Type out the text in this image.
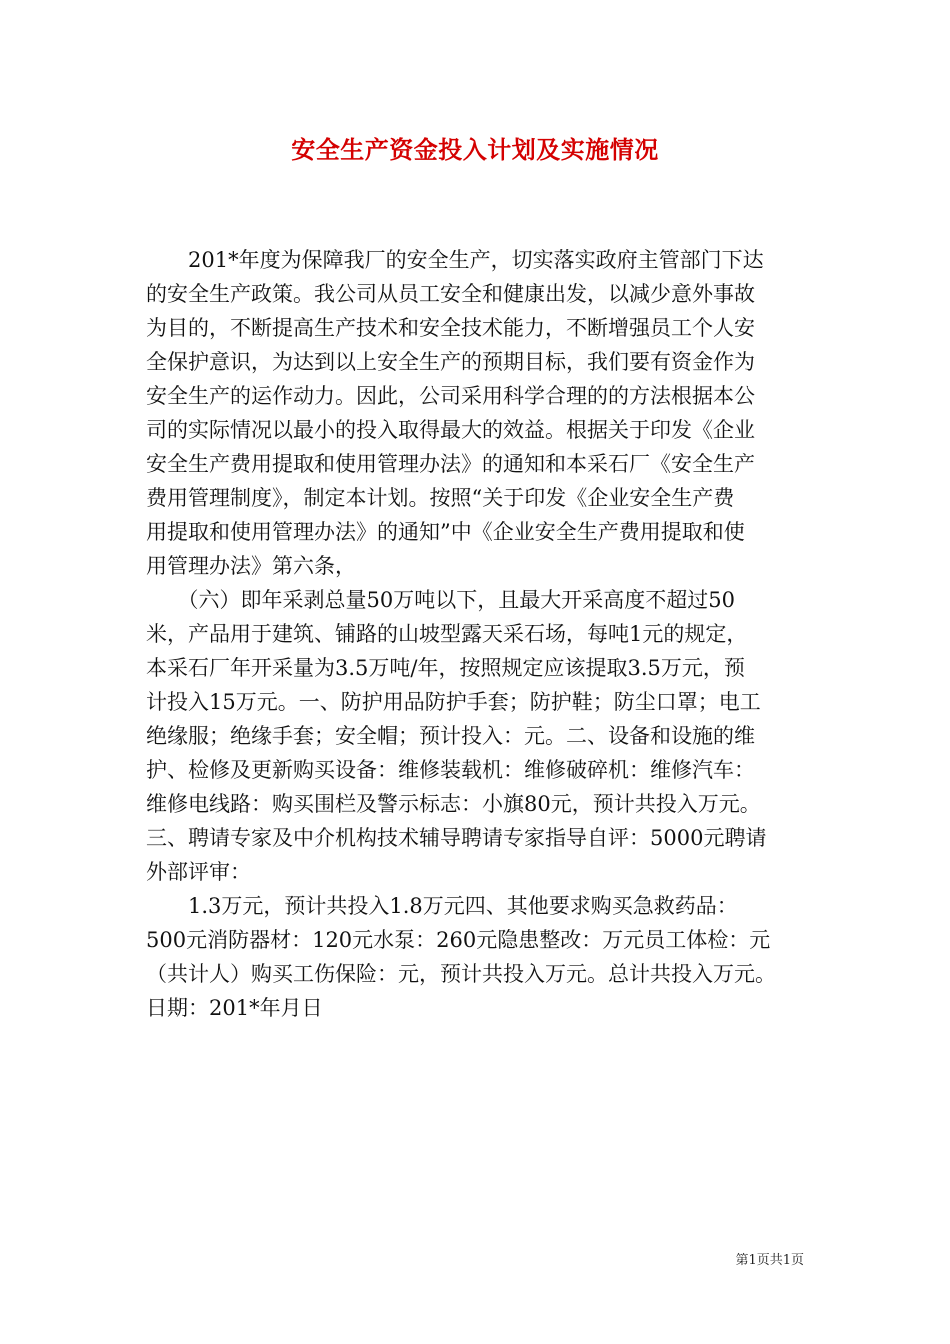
安全生产资金投入计划及实施情况
　　201*年度为保障我厂的安全生产，切实落实政府主管部门下达
的安全生产政策。我公司从员工安全和健康出发，以减少意外事故
为目的，不断提高生产技术和安全技术能力，不断增强员工个人安
全保护意识，为达到以上安全生产的预期目标，我们要有资金作为
安全生产的运作动力。因此，公司采用科学合理的的方法根据本公
司的实际情况以最小的投入取得最大的效益。根据关于印发《企业
安全生产费用提取和使用管理办法》的通知和本采石厂《安全生产
费用管理制度》，制定本计划。按照“关于印发《企业安全生产费
用提取和使用管理办法》的通知”中《企业安全生产费用提取和使
用管理办法》第六条，
　　（六）即年采剥总量50万吨以下，且最大开采高度不超过50
米，产品用于建筑、铺路的山坡型露天采石场，每吨1元的规定，
本采石厂年开采量为3.5万吨/年，按照规定应该提取3.5万元，预
计投入15万元。一、防护用品防护手套；防护鞋；防尘口罩；电工
绝缘服；绝缘手套；安全帽；预计投入：元。二、设备和设施的维
护、检修及更新购买设备：维修装载机：维修破碎机：维修汽车：
维修电线路：购买围栏及警示标志：小旗80元，预计共投入万元。
三、聘请专家及中介机构技术辅导聘请专家指导自评：5000元聘请
外部评审：
　　1.3万元，预计共投入1.8万元四、其他要求购买急救药品：
500元消防器材：120元水泵：260元隐患整改：万元员工体检：元
（共计人）购买工伤保险：元，预计共投入万元。总计共投入万元。
日期：201*年月日
第1页共1页
